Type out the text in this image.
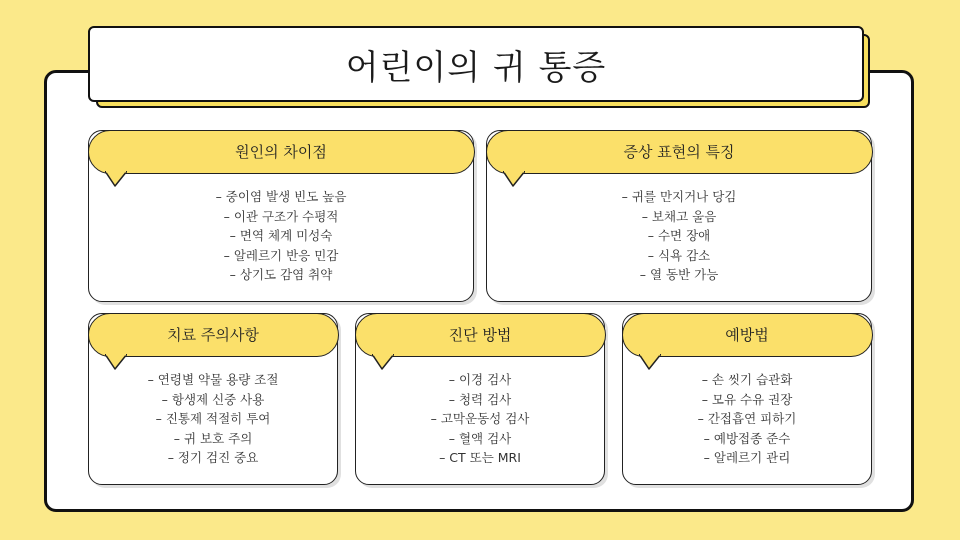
어린이의 귀 통증
원인의 차이점
– 중이염 발생 빈도 높음
– 이관 구조가 수평적
– 면역 체계 미성숙
– 알레르기 반응 민감
– 상기도 감염 취약
증상 표현의 특징
– 귀를 만지거나 당김
– 보채고 울음
– 수면 장애
– 식욕 감소
– 열 동반 가능
치료 주의사항
– 연령별 약물 용량 조절
– 항생제 신중 사용
– 진통제 적절히 투여
– 귀 보호 주의
– 정기 검진 중요
진단 방법
– 이경 검사
– 청력 검사
– 고막운동성 검사
– 혈액 검사
– CT 또는 MRI
예방법
– 손 씻기 습관화
– 모유 수유 권장
– 간접흡연 피하기
– 예방접종 준수
– 알레르기 관리
